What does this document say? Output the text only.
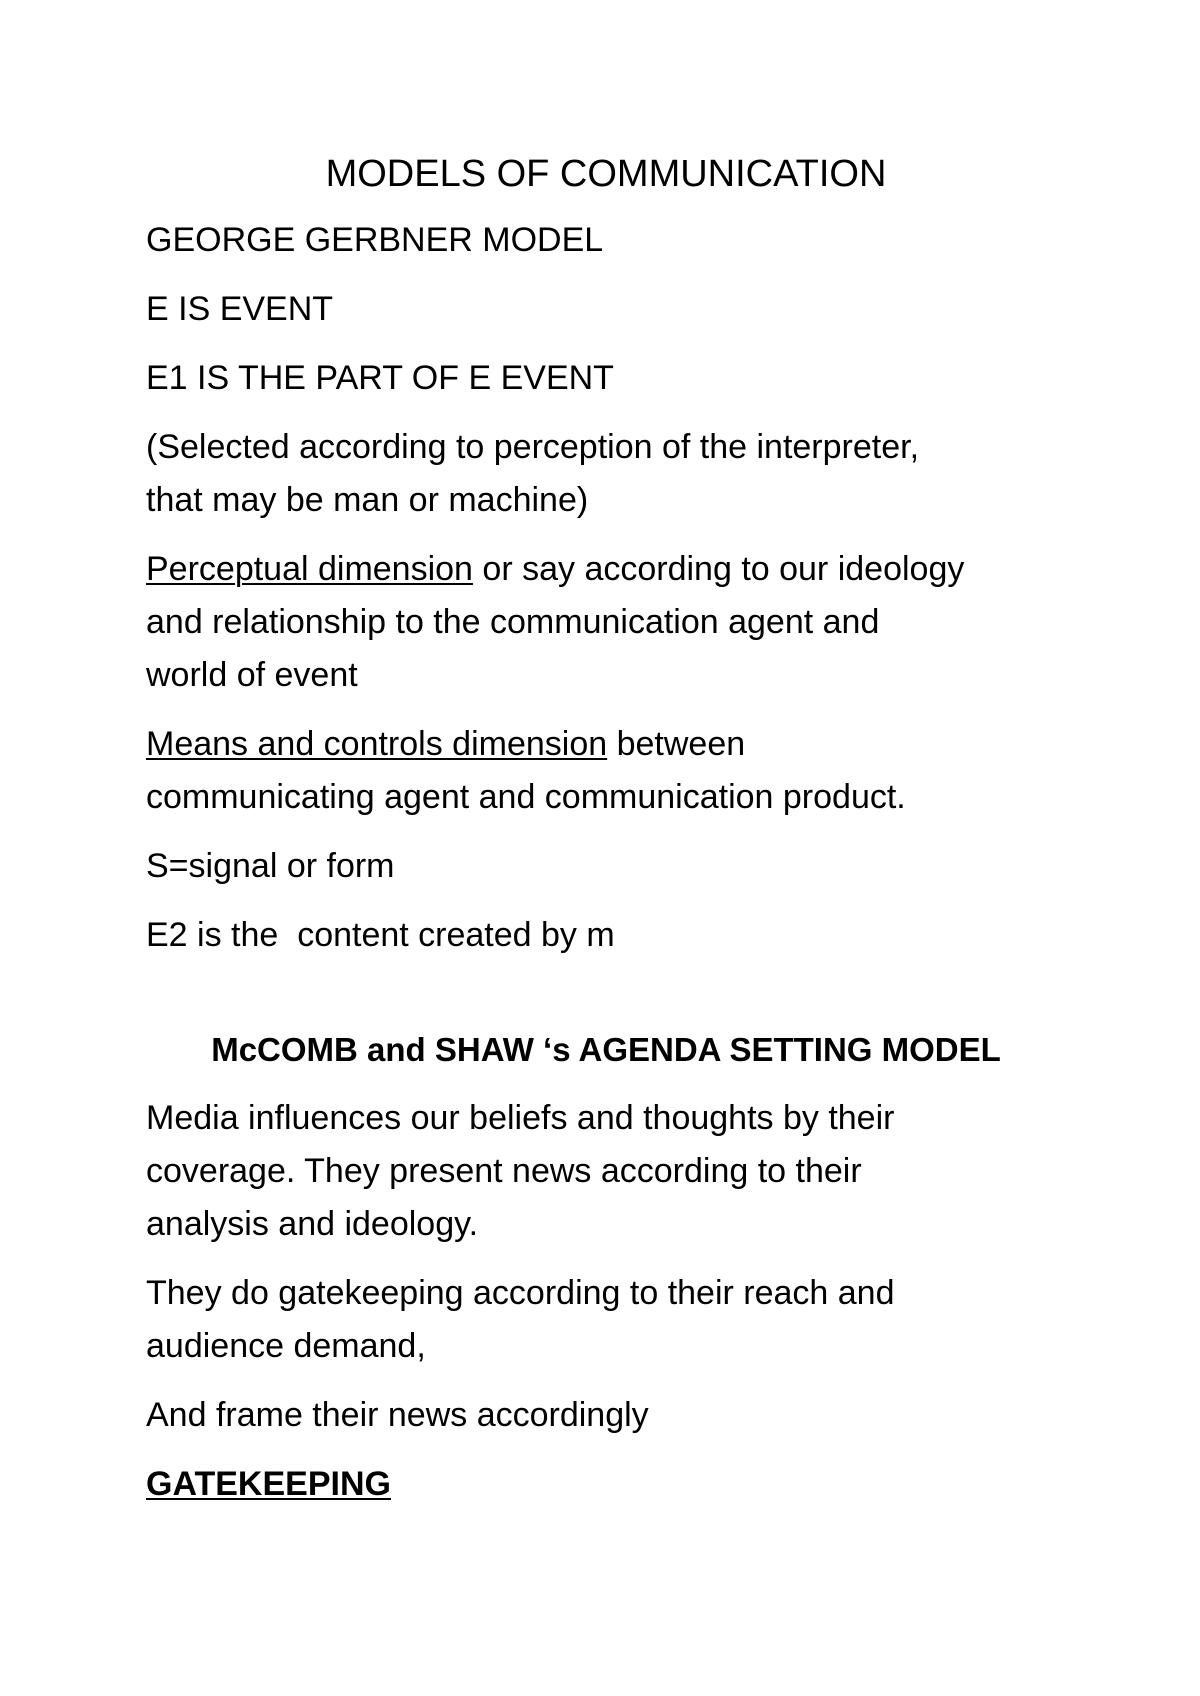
MODELS OF COMMUNICATION

GEORGE GERBNER MODEL

E IS EVENT

E1 IS THE PART OF E EVENT

(Selected according to perception of the interpreter,
that may be man or machine)

Perceptual dimension or say according to our ideology
and relationship to the communication agent and
world of event

Means and controls dimension between
communicating agent and communication product.

S=signal or form

E2 is the  content created by m

McCOMB and SHAW ‘s AGENDA SETTING MODEL

Media influences our beliefs and thoughts by their
coverage. They present news according to their
analysis and ideology.

They do gatekeeping according to their reach and
audience demand,

And frame their news accordingly

GATEKEEPING
